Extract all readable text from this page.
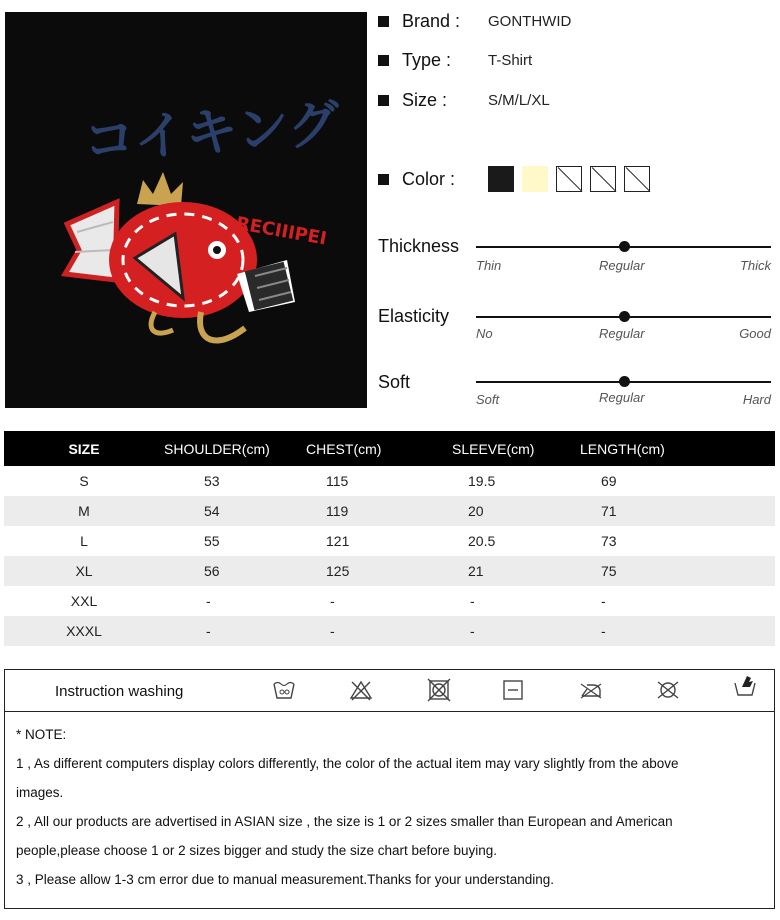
コイキング
RECIIIPEI
Brand :	GONTHWID
Type :	T-Shirt
Size :	S/M/L/XL
Color :
Thickness
Thin	Regular	Thick
Elasticity
No	Regular	Good
Soft
Soft	Regular	Hard
SIZE	SHOULDER(cm)	CHEST(cm)	SLEEVE(cm)	LENGTH(cm)
S	53	115	19.5	69
M	54	119	20	71
L	55	121	20.5	73
XL	56	125	21	75
XXL	-	-	-	-
XXXL	-	-	-	-
Instruction washing
* NOTE:
1 , As different computers display colors differently, the color of the actual item may vary slightly from the above
images.
2 , All our products are advertised in ASIAN size , the size is 1 or 2 sizes smaller than European and American
people,please choose 1 or 2 sizes bigger and study the size chart before buying.
3 , Please allow 1-3 cm error due to manual measurement.Thanks for your understanding.
